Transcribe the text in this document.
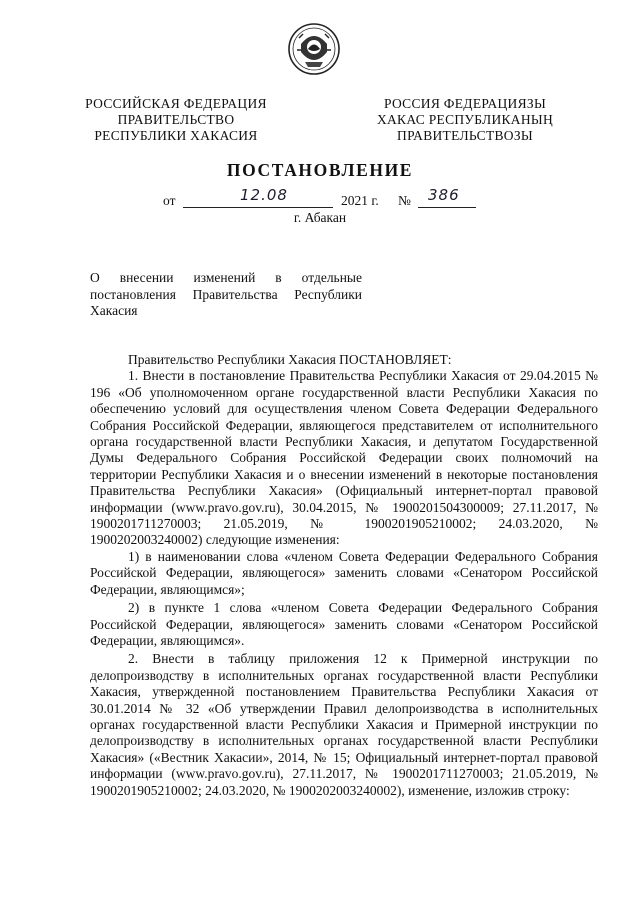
РОССИЙСКАЯ ФЕДЕРАЦИЯ
ПРАВИТЕЛЬСТВО
РЕСПУБЛИКИ ХАКАСИЯ
РОССИЯ ФЕДЕРАЦИЯЗЫ
ХАКАС РЕСПУБЛИКАНЫҢ
ПРАВИТЕЛЬСТВОЗЫ
ПОСТАНОВЛЕНИЕ
от	12.08	2021 г. № 386
г. Абакан
О внесении изменений в отдельные
постановления Правительства Республики
Хакасия

Правительство Республики Хакасия ПОСТАНОВЛЯЕТ:

1. Внести в постановление Правительства Республики Хакасия от 29.04.2015 № 196 «Об уполномоченном органе государственной власти Республики Хакасия по обеспечению условий для осуществления членом Совета Федерации Федерального Собрания Российской Федерации, являющегося представителем от исполнительного органа государственной власти Республики Хакасия, и депутатом Государственной Думы Федерального Собрания Российской Федерации своих полномочий на территории Республики Хакасия и о внесении изменений в некоторые постановления Правительства Республики Хакасия» (Официальный интернет-портал правовой информации (www.pravo.gov.ru), 30.04.2015, № 1900201504300009; 27.11.2017, № 1900201711270003; 21.05.2019, № 1900201905210002; 24.03.2020, № 1900202003240002) следующие изменения:

1) в наименовании слова «членом Совета Федерации Федерального Собрания Российской Федерации, являющегося» заменить словами «Сенатором Российской Федерации, являющимся»;

2) в пункте 1 слова «членом Совета Федерации Федерального Собрания Российской Федерации, являющегося» заменить словами «Сенатором Российской Федерации, являющимся».

2. Внести в таблицу приложения 12 к Примерной инструкции по делопроизводству в исполнительных органах государственной власти Республики Хакасия, утвержденной постановлением Правительства Республики Хакасия от 30.01.2014 № 32 «Об утверждении Правил делопроизводства в исполнительных органах государственной власти Республики Хакасия и Примерной инструкции по делопроизводству в исполнительных органах государственной власти Республики Хакасия» («Вестник Хакасии», 2014, № 15; Официальный интернет-портал правовой информации (www.pravo.gov.ru), 27.11.2017, № 1900201711270003; 21.05.2019, № 1900201905210002; 24.03.2020, № 1900202003240002), изменение, изложив строку:
